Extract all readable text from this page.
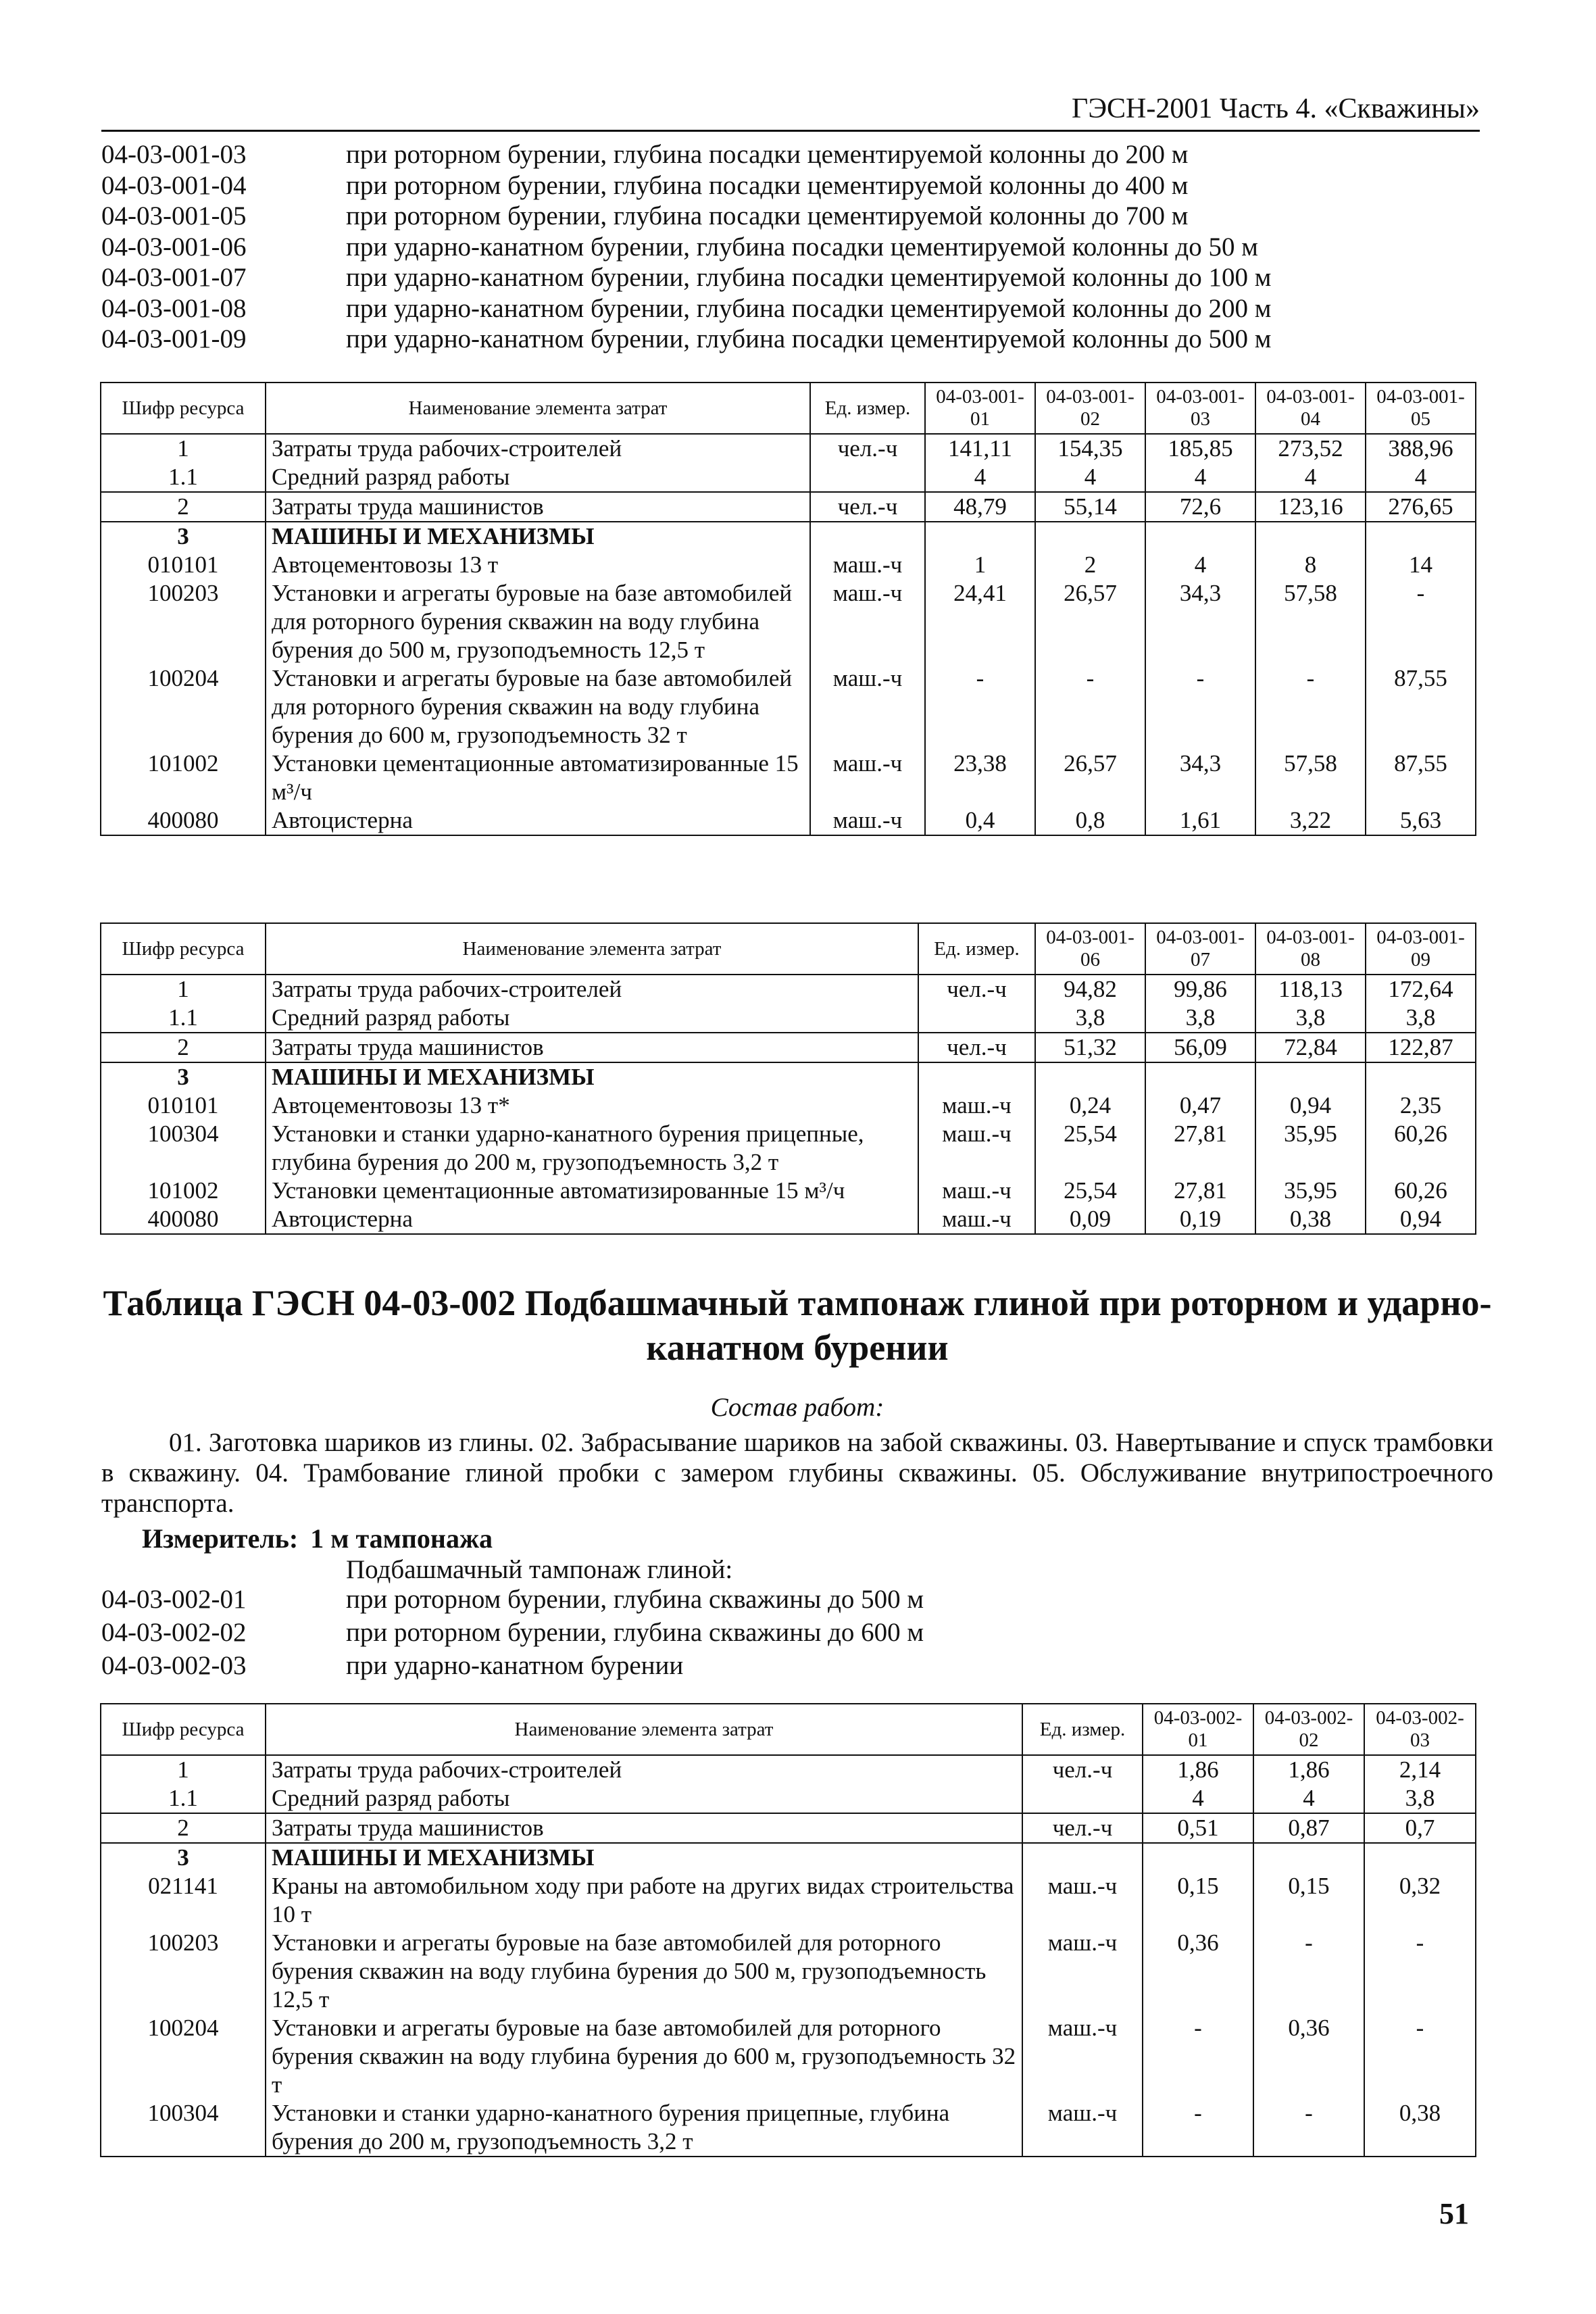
ГЭСН-2001 Часть 4. «Скважины»
04-03-001-03	при роторном бурении, глубина посадки цементируемой колонны до 200 м
04-03-001-04	при роторном бурении, глубина посадки цементируемой колонны до 400 м
04-03-001-05	при роторном бурении, глубина посадки цементируемой колонны до 700 м
04-03-001-06	при ударно-канатном бурении, глубина посадки цементируемой колонны до 50 м
04-03-001-07	при ударно-канатном бурении, глубина посадки цементируемой колонны до 100 м
04-03-001-08	при ударно-канатном бурении, глубина посадки цементируемой колонны до 200 м
04-03-001-09	при ударно-канатном бурении, глубина посадки цементируемой колонны до 500 м
Шифр ресурса	Наименование элемента затрат	Ед. измер.	04-03-001-01	04-03-001-02	04-03-001-03	04-03-001-04	04-03-001-05
1	Затраты труда рабочих-строителей	чел.-ч	141,11	154,35	185,85	273,52	388,96
1.1	Средний разряд работы		4	4	4	4	4
2	Затраты труда машинистов	чел.-ч	48,79	55,14	72,6	123,16	276,65
3	МАШИНЫ И МЕХАНИЗМЫ						
010101	Автоцементовозы 13 т	маш.-ч	1	2	4	8	14
100203	Установки и агрегаты буровые на базе автомобилей для роторного бурения скважин на воду глубина бурения до 500 м, грузоподъемность 12,5 т	маш.-ч	24,41	26,57	34,3	57,58	-
100204	Установки и агрегаты буровые на базе автомобилей для роторного бурения скважин на воду глубина бурения до 600 м, грузоподъемность 32 т	маш.-ч	-	-	-	-	87,55
101002	Установки цементационные автоматизированные 15 м³/ч	маш.-ч	23,38	26,57	34,3	57,58	87,55
400080	Автоцистерна	маш.-ч	0,4	0,8	1,61	3,22	5,63
Шифр ресурса	Наименование элемента затрат	Ед. измер.	04-03-001-06	04-03-001-07	04-03-001-08	04-03-001-09
1	Затраты труда рабочих-строителей	чел.-ч	94,82	99,86	118,13	172,64
1.1	Средний разряд работы		3,8	3,8	3,8	3,8
2	Затраты труда машинистов	чел.-ч	51,32	56,09	72,84	122,87
3	МАШИНЫ И МЕХАНИЗМЫ					
010101	Автоцементовозы 13 т*	маш.-ч	0,24	0,47	0,94	2,35
100304	Установки и станки ударно-канатного бурения прицепные, глубина бурения до 200 м, грузоподъемность 3,2 т	маш.-ч	25,54	27,81	35,95	60,26
101002	Установки цементационные автоматизированные 15 м³/ч	маш.-ч	25,54	27,81	35,95	60,26
400080	Автоцистерна	маш.-ч	0,09	0,19	0,38	0,94
Таблица ГЭСН 04-03-002 Подбашмачный тампонаж глиной при роторном и ударно-канатном бурении
Состав работ:
01. Заготовка шариков из глины. 02. Забрасывание шариков на забой скважины. 03. Навертывание и спуск трамбовки в скважину. 04. Трамбование глиной пробки с замером глубины скважины. 05. Обслуживание внутрипостроечного транспорта.
Измеритель: 1 м тампонажа
Подбашмачный тампонаж глиной:
04-03-002-01	при роторном бурении, глубина скважины до 500 м
04-03-002-02	при роторном бурении, глубина скважины до 600 м
04-03-002-03	при ударно-канатном бурении
Шифр ресурса	Наименование элемента затрат	Ед. измер.	04-03-002-01	04-03-002-02	04-03-002-03
1	Затраты труда рабочих-строителей	чел.-ч	1,86	1,86	2,14
1.1	Средний разряд работы		4	4	3,8
2	Затраты труда машинистов	чел.-ч	0,51	0,87	0,7
3	МАШИНЫ И МЕХАНИЗМЫ				
021141	Краны на автомобильном ходу при работе на других видах строительства 10 т	маш.-ч	0,15	0,15	0,32
100203	Установки и агрегаты буровые на базе автомобилей для роторного бурения скважин на воду глубина бурения до 500 м, грузоподъемность 12,5 т	маш.-ч	0,36	-	-
100204	Установки и агрегаты буровые на базе автомобилей для роторного бурения скважин на воду глубина бурения до 600 м, грузоподъемность 32 т	маш.-ч	-	0,36	-
100304	Установки и станки ударно-канатного бурения прицепные, глубина бурения до 200 м, грузоподъемность 3,2 т	маш.-ч	-	-	0,38
51
